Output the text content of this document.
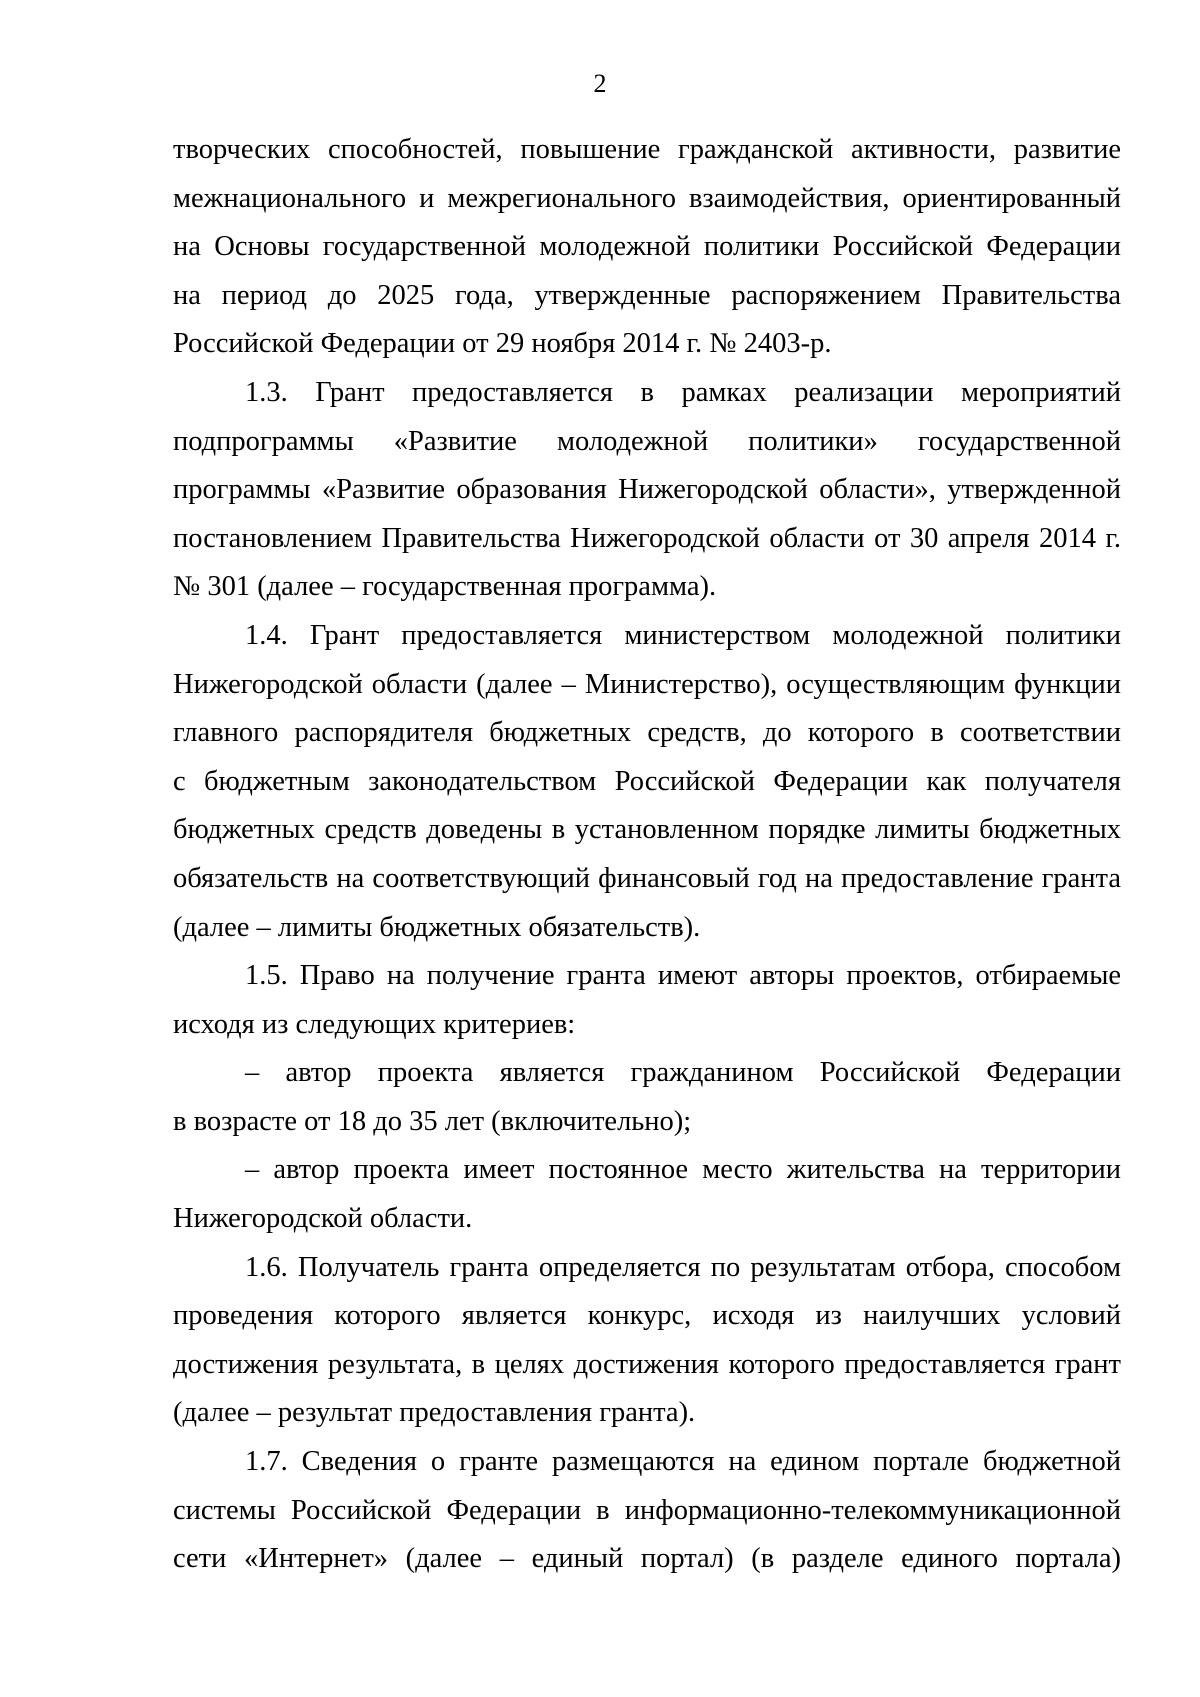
2
творческих способностей, повышение гражданской активности, развитие
межнационального и межрегионального взаимодействия, ориентированный
на Основы государственной молодежной политики Российской Федерации
на период до 2025 года, утвержденные распоряжением Правительства
Российской Федерации от 29 ноября 2014 г. № 2403-р.
1.3. Грант предоставляется в рамках реализации мероприятий
подпрограммы «Развитие молодежной политики» государственной
программы «Развитие образования Нижегородской области», утвержденной
постановлением Правительства Нижегородской области от 30 апреля 2014 г.
№ 301 (далее – государственная программа).
1.4. Грант предоставляется министерством молодежной политики
Нижегородской области (далее – Министерство), осуществляющим функции
главного распорядителя бюджетных средств, до которого в соответствии
с бюджетным законодательством Российской Федерации как получателя
бюджетных средств доведены в установленном порядке лимиты бюджетных
обязательств на соответствующий финансовый год на предоставление гранта
(далее – лимиты бюджетных обязательств).
1.5. Право на получение гранта имеют авторы проектов, отбираемые
исходя из следующих критериев:
– автор проекта является гражданином Российской Федерации
в возрасте от 18 до 35 лет (включительно);
– автор проекта имеет постоянное место жительства на территории
Нижегородской области.
1.6. Получатель гранта определяется по результатам отбора, способом
проведения которого является конкурс, исходя из наилучших условий
достижения результата, в целях достижения которого предоставляется грант
(далее – результат предоставления гранта).
1.7. Сведения о гранте размещаются на едином портале бюджетной
системы Российской Федерации в информационно-телекоммуникационной
сети «Интернет» (далее – единый портал) (в разделе единого портала)
